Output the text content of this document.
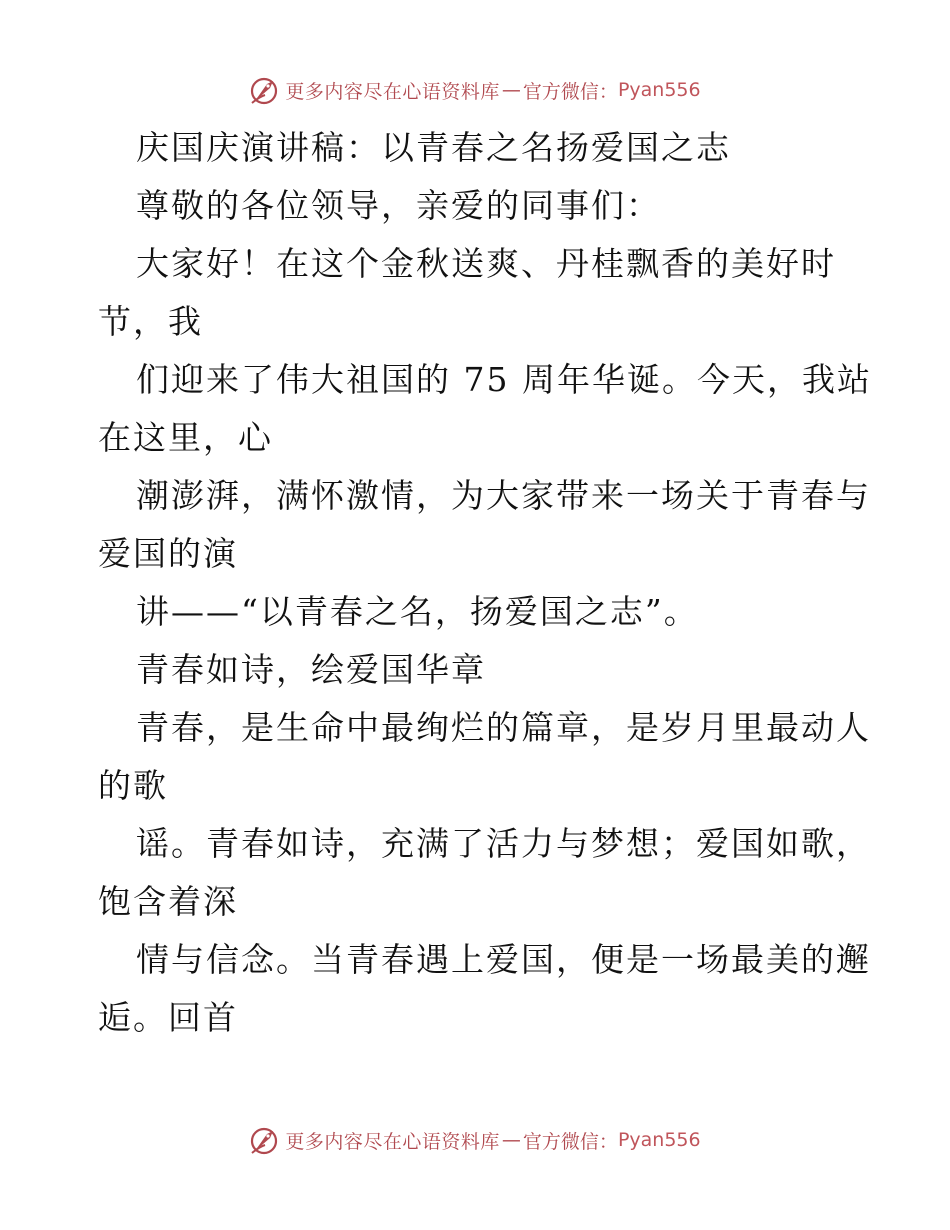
更多内容尽在心语资料库 — 官方微信： Pyan556
庆国庆演讲稿：以青春之名扬爱国之志
尊敬的各位领导，亲爱的同事们：
大家好！在这个金秋送爽、丹桂飘香的美好时
节，我
们迎来了伟大祖国的 75 周年华诞。今天，我站
在这里，心
潮澎湃，满怀激情，为大家带来一场关于青春与
爱国的演
讲——“以青春之名，扬爱国之志”。
青春如诗，绘爱国华章
青春，是生命中最绚烂的篇章，是岁月里最动人
的歌
谣。青春如诗，充满了活力与梦想；爱国如歌，
饱含着深
情与信念。当青春遇上爱国，便是一场最美的邂
逅。回首
更多内容尽在心语资料库 — 官方微信： Pyan556
